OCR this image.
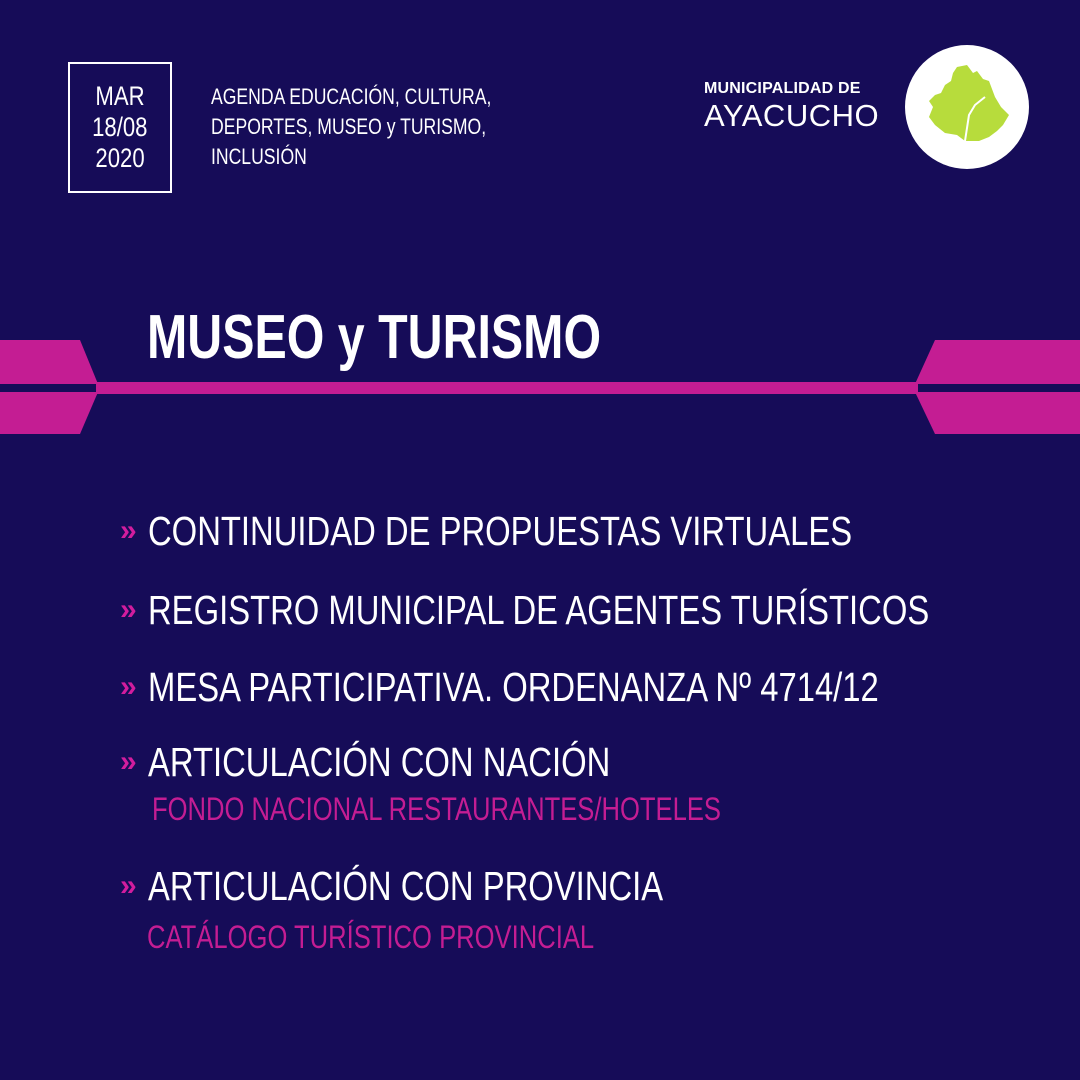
MAR
18/08
2020
AGENDA EDUCACIÓN, CULTURA,
DEPORTES, MUSEO y TURISMO,
INCLUSIÓN
MUNICIPALIDAD DE
AYACUCHO
MUSEO y TURISMO
» CONTINUIDAD DE PROPUESTAS VIRTUALES
» REGISTRO MUNICIPAL DE AGENTES TURÍSTICOS
» MESA PARTICIPATIVA. ORDENANZA Nº 4714/12
» ARTICULACIÓN CON NACIÓN
FONDO NACIONAL RESTAURANTES/HOTELES
» ARTICULACIÓN CON PROVINCIA
CATÁLOGO TURÍSTICO PROVINCIAL
